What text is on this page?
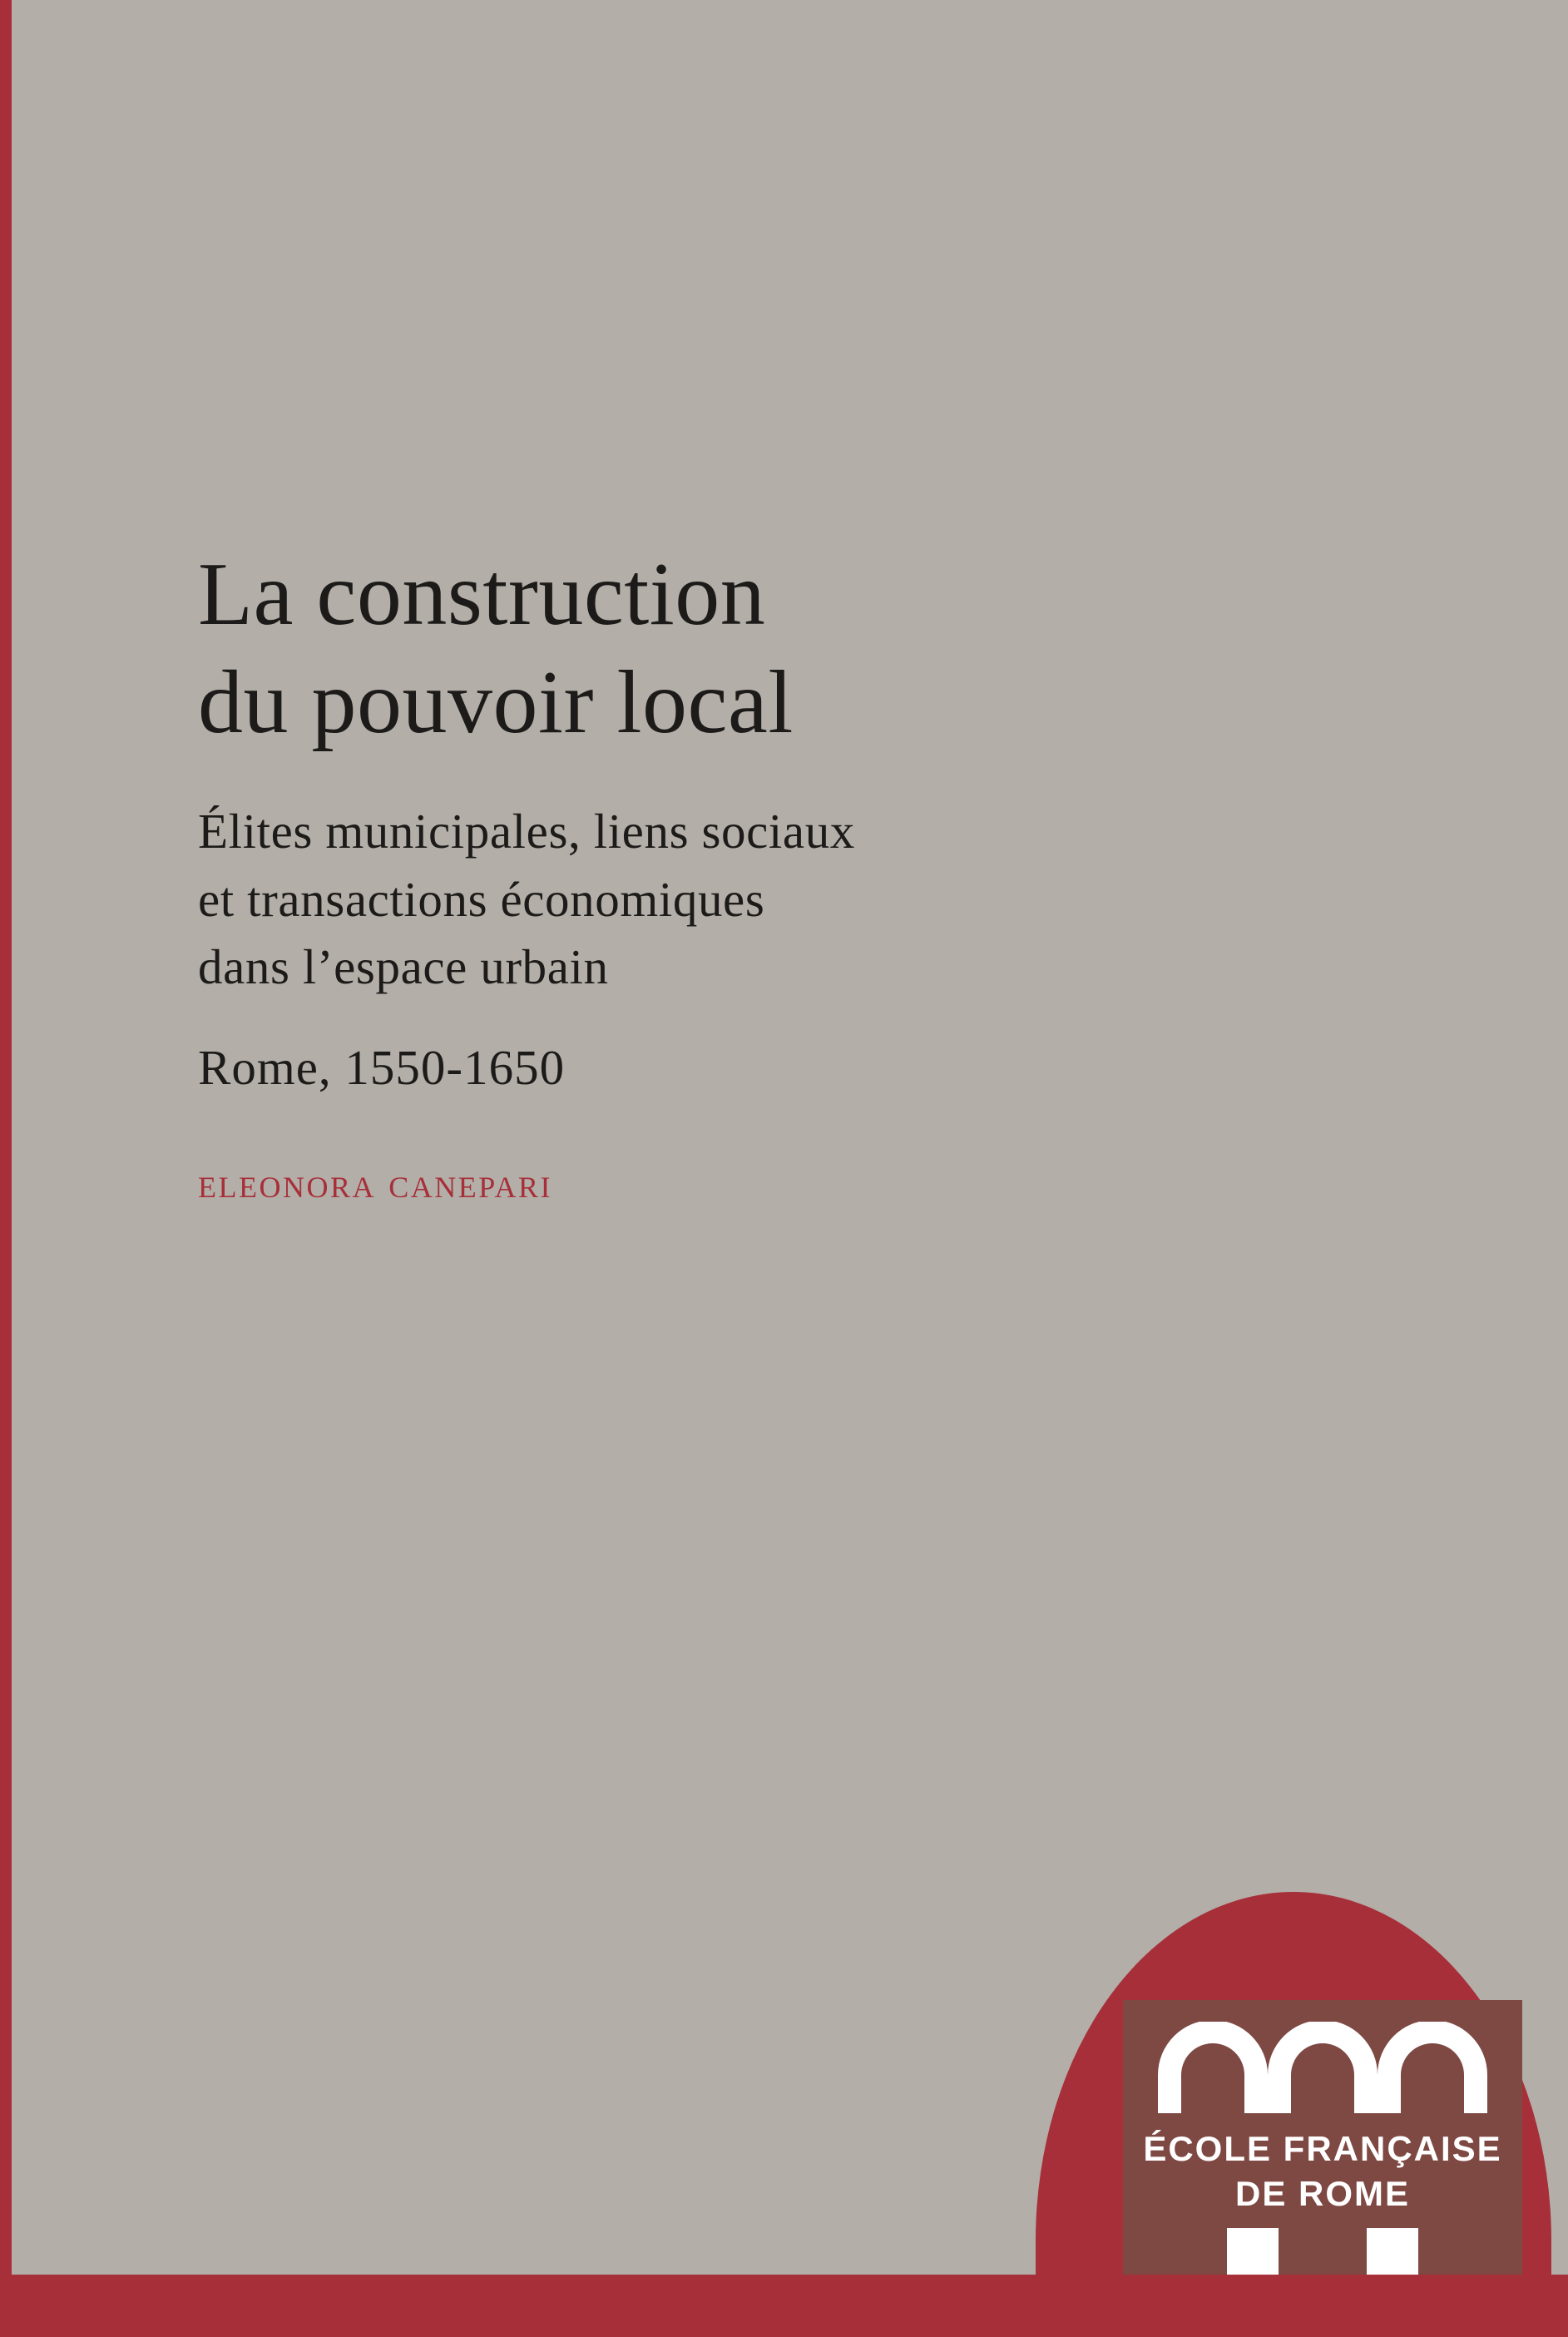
La construction
du pouvoir local
Élites municipales, liens sociaux
et transactions économiques
dans l’espace urbain
Rome, 1550-1650
eleonora canepari
ÉCOLE FRANÇAISE
DE ROME
